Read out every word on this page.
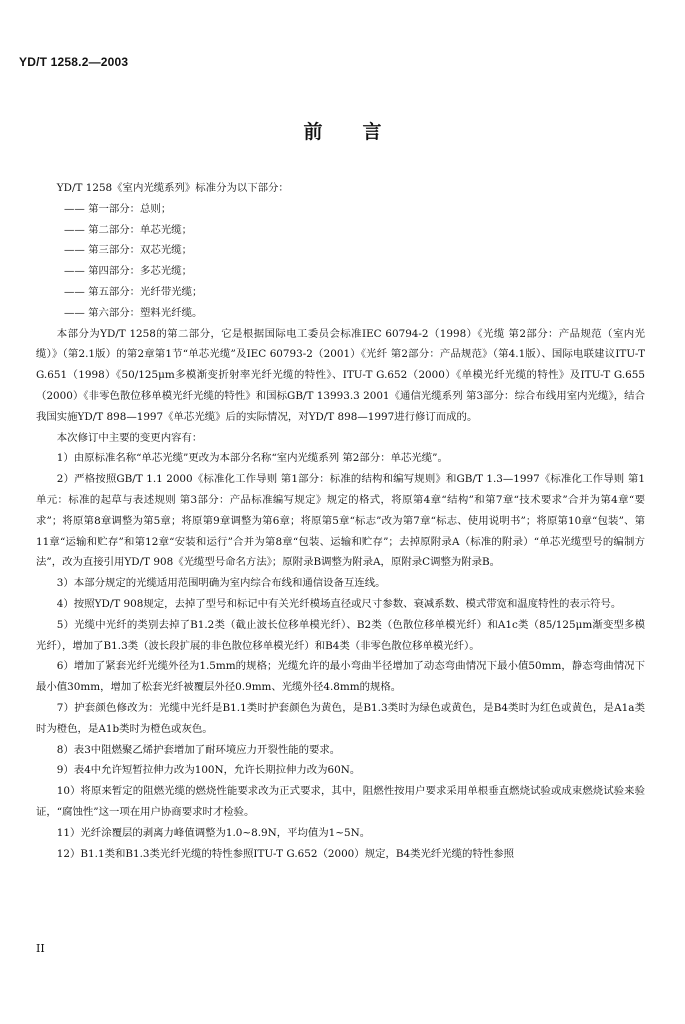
YD/T 1258.2—2003
前言

YD/T 1258《室内光缆系列》标准分为以下部分：

—— 第一部分：总则；

—— 第二部分：单芯光缆；

—— 第三部分：双芯光缆；

—— 第四部分：多芯光缆；

—— 第五部分：光纤带光缆；

—— 第六部分：塑料光纤缆。

本部分为YD/T 1258的第二部分，它是根据国际电工委员会标准IEC 60794-2（1998）《光缆 第2部分：产品规范（室内光缆）》（第2.1版）的第2章第1节“单芯光缆”及IEC 60793-2（2001）《光纤 第2部分：产品规范》（第4.1版）、国际电联建议ITU-T G.651（1998）《50/125μm多模渐变折射率光纤光缆的特性》、ITU-T G.652（2000）《单模光纤光缆的特性》及ITU-T G.655（2000）《非零色散位移单模光纤光缆的特性》和国标GB/T 13993.3 2001《通信光缆系列 第3部分：综合布线用室内光缆》，结合我国实施YD/T 898—1997《单芯光缆》后的实际情况，对YD/T 898—1997进行修订而成的。

本次修订中主要的变更内容有：

1）由原标准名称“单芯光缆”更改为本部分名称“室内光缆系列 第2部分：单芯光缆”。

2）严格按照GB/T 1.1 2000《标准化工作导则 第1部分：标准的结构和编写规则》和GB/T 1.3—1997《标准化工作导则 第1单元：标准的起草与表述规则 第3部分：产品标准编写规定》规定的格式，将原第4章“结构”和第7章“技术要求”合并为第4章“要求”；将原第8章调整为第5章；将原第9章调整为第6章；将原第5章“标志”改为第7章“标志、使用说明书”；将原第10章“包装”、第11章“运输和贮存”和第12章“安装和运行”合并为第8章“包装、运输和贮存”；去掉原附录A（标准的附录）“单芯光缆型号的编制方法”，改为直接引用YD/T 908《光缆型号命名方法》；原附录B调整为附录A，原附录C调整为附录B。

3）本部分规定的光缆适用范围明确为室内综合布线和通信设备互连线。

4）按照YD/T 908规定，去掉了型号和标记中有关光纤模场直径或尺寸参数、衰减系数、模式带宽和温度特性的表示符号。

5）光缆中光纤的类别去掉了B1.2类（截止波长位移单模光纤）、B2类（色散位移单模光纤）和A1c类（85/125μm渐变型多模光纤），增加了B1.3类（波长段扩展的非色散位移单模光纤）和B4类（非零色散位移单模光纤）。

6）增加了紧套光纤光缆外径为1.5mm的规格；光缆允许的最小弯曲半径增加了动态弯曲情况下最小值50mm，静态弯曲情况下最小值30mm，增加了松套光纤被覆层外径0.9mm、光缆外径4.8mm的规格。

7）护套颜色修改为：光缆中光纤是B1.1类时护套颜色为黄色，是B1.3类时为绿色或黄色，是B4类时为红色或黄色，是A1a类时为橙色，是A1b类时为橙色或灰色。

8）表3中阻燃聚乙烯护套增加了耐环境应力开裂性能的要求。

9）表4中允许短暂拉伸力改为100N，允许长期拉伸力改为60N。

10）将原来暂定的阻燃光缆的燃烧性能要求改为正式要求，其中，阻燃性按用户要求采用单根垂直燃烧试验或成束燃烧试验来验证，“腐蚀性”这一项在用户协商要求时才检验。

11）光纤涂覆层的剥离力峰值调整为1.0~8.9N，平均值为1~5N。

12）B1.1类和B1.3类光纤光缆的特性参照ITU-T G.652（2000）规定，B4类光纤光缆的特性参照

II
